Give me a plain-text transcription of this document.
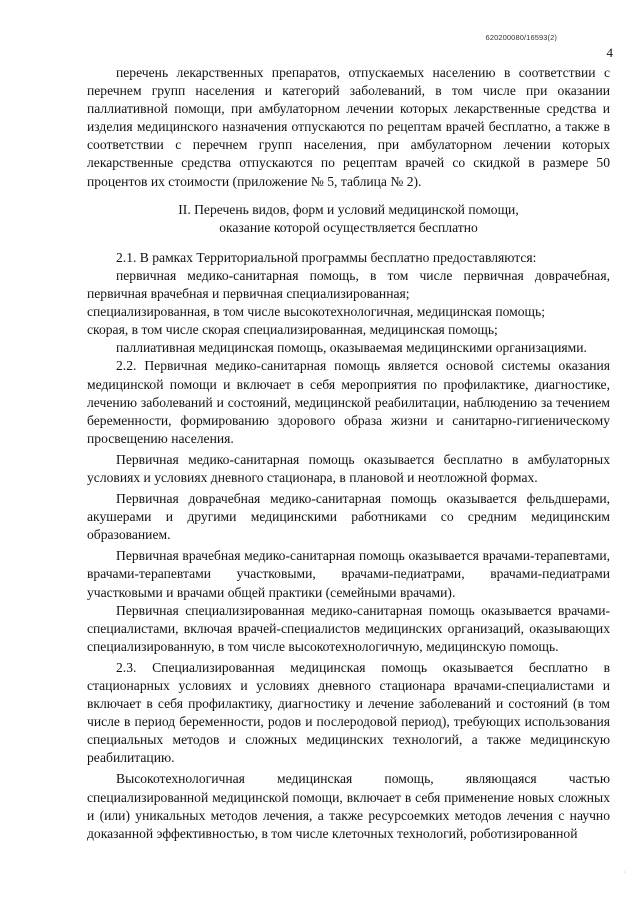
620200080/16593(2)
4

перечень лекарственных препаратов, отпускаемых населению в соответствии с перечнем групп населения и категорий заболеваний, в том числе при оказании паллиативной помощи, при амбулаторном лечении которых лекарственные средства и изделия медицинского назначения отпускаются по рецептам врачей бесплатно, а также в соответствии с перечнем групп населения, при амбулаторном лечении которых лекарственные средства отпускаются по рецептам врачей со скидкой в размере 50 процентов их стоимости (приложение № 5, таблица № 2).

II. Перечень видов, форм и условий медицинской помощи,
оказание которой осуществляется бесплатно

2.1. В рамках Территориальной программы бесплатно предоставляются:

первичная медико-санитарная помощь, в том числе первичная доврачебная, первичная врачебная и первичная специализированная;

специализированная, в том числе высокотехнологичная, медицинская помощь;

скорая, в том числе скорая специализированная, медицинская помощь;

паллиативная медицинская помощь, оказываемая медицинскими организациями.

2.2. Первичная медико-санитарная помощь является основой системы оказания медицинской помощи и включает в себя мероприятия по профилактике, диагностике, лечению заболеваний и состояний, медицинской реабилитации, наблюдению за течением беременности, формированию здорового образа жизни и санитарно-гигиеническому просвещению населения.

Первичная медико-санитарная помощь оказывается бесплатно в амбулаторных условиях и условиях дневного стационара, в плановой и неотложной формах.

Первичная доврачебная медико-санитарная помощь оказывается фельдшерами, акушерами и другими медицинскими работниками со средним медицинским образованием.

Первичная врачебная медико-санитарная помощь оказывается врачами-терапевтами, врачами-терапевтами участковыми, врачами-педиатрами, врачами-педиатрами участковыми и врачами общей практики (семейными врачами).

Первичная специализированная медико-санитарная помощь оказывается врачами-специалистами, включая врачей-специалистов медицинских организаций, оказывающих специализированную, в том числе высокотехнологичную, медицинскую помощь.

2.3. Специализированная медицинская помощь оказывается бесплатно в стационарных условиях и условиях дневного стационара врачами-специалистами и включает в себя профилактику, диагностику и лечение заболеваний и состояний (в том числе в период беременности, родов и послеродовой период), требующих использования специальных методов и сложных медицинских технологий, а также медицинскую реабилитацию.

Высокотехнологичная медицинская помощь, являющаяся частью специализированной медицинской помощи, включает в себя применение новых сложных и (или) уникальных методов лечения, а также ресурсоемких методов лечения с научно доказанной эффективностью, в том числе клеточных технологий, роботизированной

·
